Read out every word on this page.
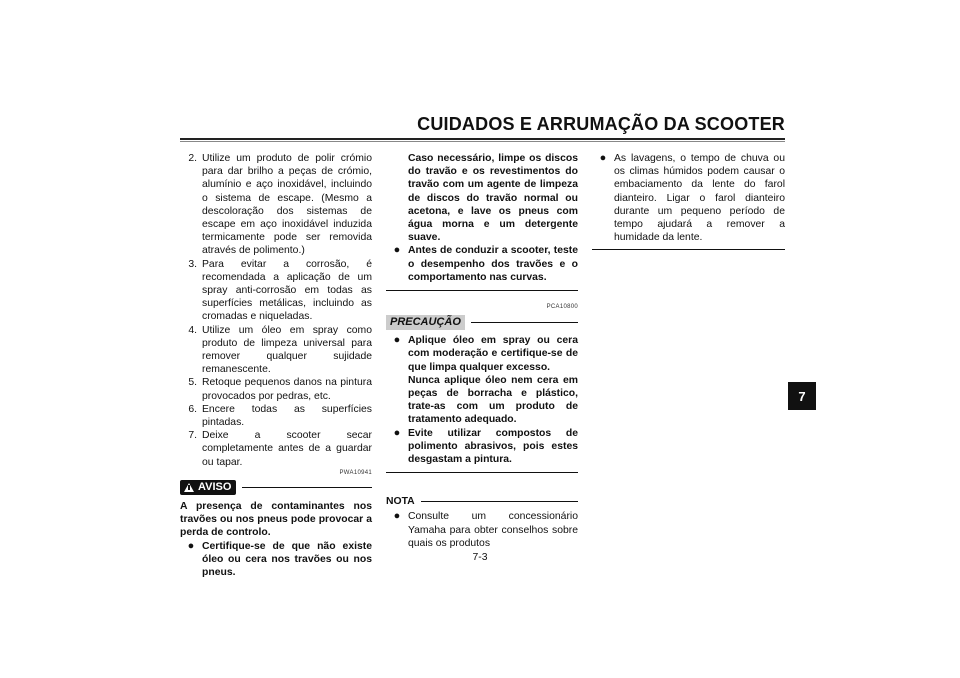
CUIDADOS E ARRUMAÇÃO DA SCOOTER
7
2. Utilize um produto de polir crómio para dar brilho a peças de crómio, alumínio e aço inoxidável, incluindo o sistema de escape. (Mesmo a descoloração dos sistemas de escape em aço inoxidável induzida termicamente pode ser removida através de polimento.)
3. Para evitar a corrosão, é recomendada a aplicação de um spray anti-corrosão em todas as superfícies metálicas, incluindo as cromadas e niqueladas.
4. Utilize um óleo em spray como produto de limpeza universal para remover qualquer sujidade remanescente.
5. Retoque pequenos danos na pintura provocados por pedras, etc.
6. Encere todas as superfícies pintadas.
7. Deixe a scooter secar completamente antes de a guardar ou tapar.
PWA10941
AVISO
A presença de contaminantes nos travões ou nos pneus pode provocar a perda de controlo.
● Certifique-se de que não existe óleo ou cera nos travões ou nos pneus.
Caso necessário, limpe os discos do travão e os revestimentos do travão com um agente de limpeza de discos do travão normal ou acetona, e lave os pneus com água morna e um detergente suave.
● Antes de conduzir a scooter, teste o desempenho dos travões e o comportamento nas curvas.
PCA10800
PRECAUÇÃO
● Aplique óleo em spray ou cera com moderação e certifique-se de que limpa qualquer excesso.
Nunca aplique óleo nem cera em peças de borracha e plástico, trate-as com um produto de tratamento adequado.
● Evite utilizar compostos de polimento abrasivos, pois estes desgastam a pintura.
NOTA
● Consulte um concessionário Yamaha para obter conselhos sobre quais os produtos
● As lavagens, o tempo de chuva ou os climas húmidos podem causar o embaciamento da lente do farol dianteiro. Ligar o farol dianteiro durante um pequeno período de tempo ajudará a remover a humidade da lente.
7-3
